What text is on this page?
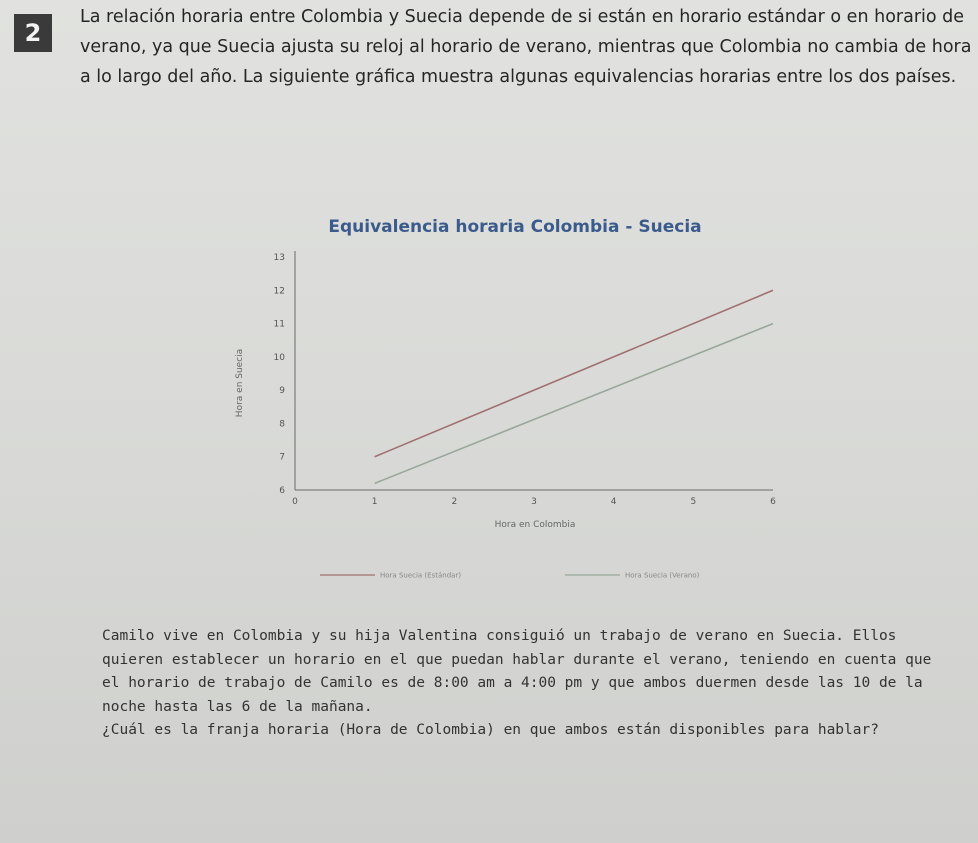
2

La relación horaria entre Colombia y Suecia depende de si están en horario estándar o en horario de verano, ya que Suecia ajusta su reloj al horario de verano, mientras que Colombia no cambia de hora a lo largo del año. La siguiente gráfica muestra algunas equivalencias horarias entre los dos países.

Equivalencia horaria Colombia - Suecia
0	1	2	3	4	5	6
6
7
8
9
10
11
12
13
Hora en Colombia
Hora en Suecia
Hora Suecia (Estándar)	Hora Suecia (Verano)

Camilo vive en Colombia y su hija Valentina consiguió un trabajo de verano en Suecia. Ellos quieren establecer un horario en el que puedan hablar durante el verano, teniendo en cuenta que el horario de trabajo de Camilo es de 8:00 am a 4:00 pm y que ambos duermen desde las 10 de la noche hasta las 6 de la mañana.

¿Cuál es la franja horaria (Hora de Colombia) en que ambos están disponibles para hablar?
